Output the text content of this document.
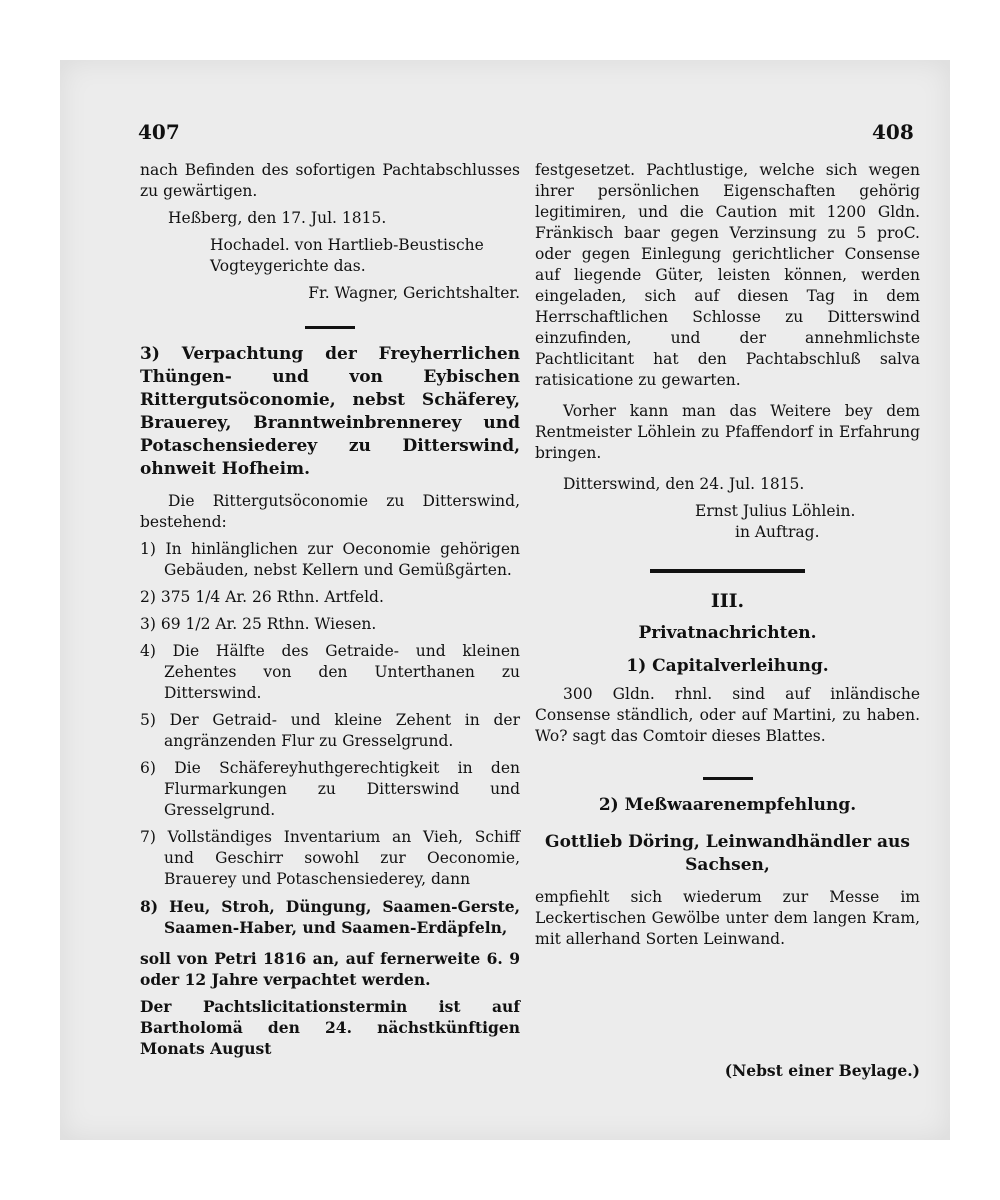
407	408

nach Befinden des sofortigen Pachtabschlusses zu gewärtigen.

Heßberg, den 17. Jul. 1815.

Hochadel. von Hartlieb-Beustische Vogteygerichte das.

Fr. Wagner, Gerichtshalter.

3) Verpachtung der Freyherrlichen Thüngen- und von Eybischen Rittergutsöconomie, nebst Schäferey, Brauerey, Branntweinbrennerey und Potaschensiederey zu Ditterswind, ohnweit Hofheim.

Die Rittergutsöconomie zu Ditterswind, bestehend:

1) In hinlänglichen zur Oeconomie gehörigen Gebäuden, nebst Kellern und Gemüßgärten.

2) 375 1/4 Ar. 26 Rthn. Artfeld.

3) 69 1/2 Ar. 25 Rthn. Wiesen.

4) Die Hälfte des Getraide- und kleinen Zehentes von den Unterthanen zu Ditterswind.

5) Der Getraid- und kleine Zehent in der angränzenden Flur zu Gresselgrund.

6) Die Schäfereyhuthgerechtigkeit in den Flurmarkungen zu Ditterswind und Gresselgrund.

7) Vollständiges Inventarium an Vieh, Schiff und Geschirr sowohl zur Oeconomie, Brauerey und Potaschensiederey, dann

8) Heu, Stroh, Düngung, Saamen-Gerste, Saamen-Haber, und Saamen-Erdäpfeln,

soll von Petri 1816 an, auf fernerweite 6. 9 oder 12 Jahre verpachtet werden.

Der Pachtslicitationstermin ist auf Bartholomä den 24. nächstkünftigen Monats August

festgesetzet. Pachtlustige, welche sich wegen ihrer persönlichen Eigenschaften gehörig legitimiren, und die Caution mit 1200 Gldn. Fränkisch baar gegen Verzinsung zu 5 proC. oder gegen Einlegung gerichtlicher Consense auf liegende Güter, leisten können, werden eingeladen, sich auf diesen Tag in dem Herrschaftlichen Schlosse zu Ditterswind einzufinden, und der annehmlichste Pachtlicitant hat den Pachtabschluß salva ratisicatione zu gewarten.

Vorher kann man das Weitere bey dem Rentmeister Löhlein zu Pfaffendorf in Erfahrung bringen.

Ditterswind, den 24. Jul. 1815.

Ernst Julius Löhlein.

in Auftrag.

III.

Privatnachrichten.

1) Capitalverleihung.

300 Gldn. rhnl. sind auf inländische Consense ständlich, oder auf Martini, zu haben. Wo? sagt das Comtoir dieses Blattes.

2) Meßwaarenempfehlung.

Gottlieb Döring, Leinwandhändler aus Sachsen,

empfiehlt sich wiederum zur Messe im Leckertischen Gewölbe unter dem langen Kram, mit allerhand Sorten Leinwand.

(Nebst einer Beylage.)
